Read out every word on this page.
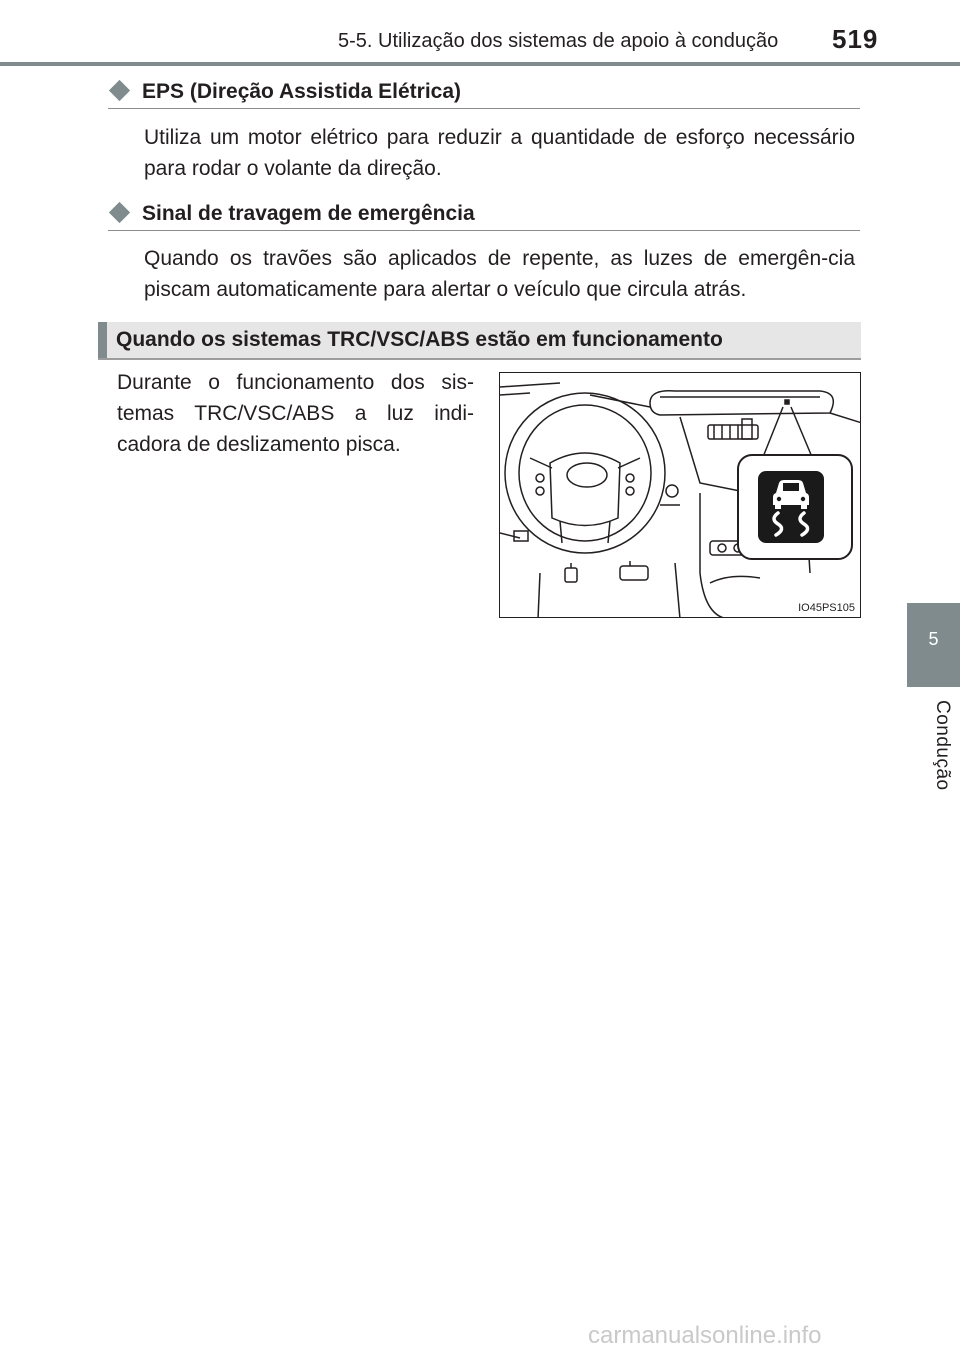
5-5. Utilização dos sistemas de apoio à condução	519
5
Condução
EPS (Direção Assistida Elétrica)

Utiliza um motor elétrico para reduzir a quantidade de esforço necessário para rodar o volante da direção.

Sinal de travagem de emergência

Quando os travões são aplicados de repente, as luzes de emergên-cia piscam automaticamente para alertar o veículo que circula atrás.

Quando os sistemas TRC/VSC/ABS estão em funcionamento

Durante o funcionamento dos sis-temas TRC/VSC/ABS a luz indi-cadora de deslizamento pisca.

IO45PS105
carmanualsonline.info
